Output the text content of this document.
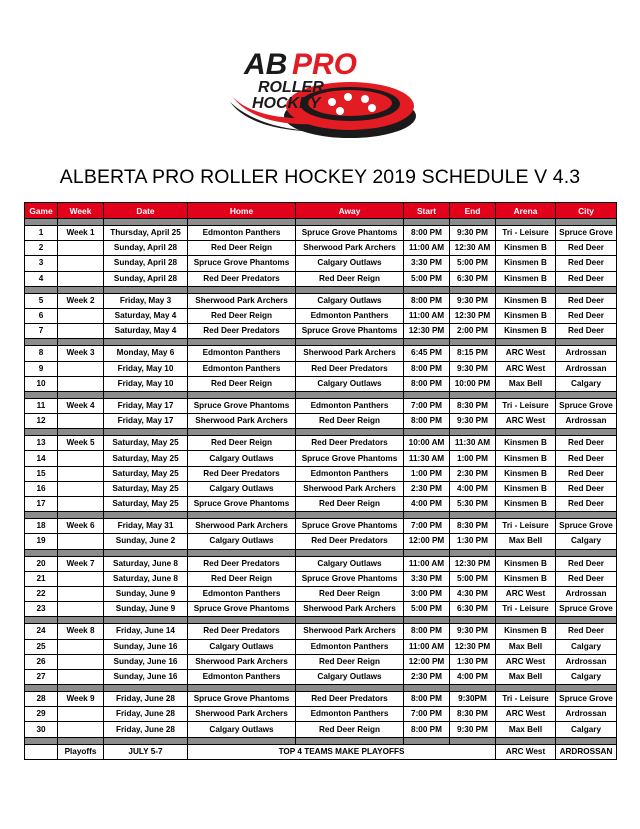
AB PRO
ROLLER
HOCKEY
ALBERTA PRO ROLLER HOCKEY 2019 SCHEDULE V 4.3
Game	Week	Date	Home	Away	Start	End	Arena	City

1	Week 1	Thursday, April 25	Edmonton Panthers	Spruce Grove Phantoms	8:00 PM	9:30 PM	Tri - Leisure	Spruce Grove
2		Sunday, April 28	Red Deer Reign	Sherwood Park Archers	11:00 AM	12:30 AM	Kinsmen B	Red Deer
3		Sunday, April 28	Spruce Grove Phantoms	Calgary Outlaws	3:30 PM	5:00 PM	Kinsmen B	Red Deer
4		Sunday, April 28	Red Deer Predators	Red Deer Reign	5:00 PM	6:30 PM	Kinsmen B	Red Deer

5	Week 2	Friday, May 3	Sherwood Park Archers	Calgary Outlaws	8:00 PM	9:30 PM	Kinsmen B	Red Deer
6		Saturday, May 4	Red Deer Reign	Edmonton Panthers	11:00 AM	12:30 PM	Kinsmen B	Red Deer
7		Saturday, May 4	Red Deer Predators	Spruce Grove Phantoms	12:30 PM	2:00 PM	Kinsmen B	Red Deer

8	Week 3	Monday, May 6	Edmonton Panthers	Sherwood Park Archers	6:45 PM	8:15 PM	ARC West	Ardrossan
9		Friday, May 10	Edmonton Panthers	Red Deer Predators	8:00 PM	9:30 PM	ARC West	Ardrossan
10		Friday, May 10	Red Deer Reign	Calgary Outlaws	8:00 PM	10:00 PM	Max Bell	Calgary

11	Week 4	Friday, May 17	Spruce Grove Phantoms	Edmonton Panthers	7:00 PM	8:30 PM	Tri - Leisure	Spruce Grove
12		Friday, May 17	Sherwood Park Archers	Red Deer Reign	8:00 PM	9:30 PM	ARC West	Ardrossan

13	Week 5	Saturday, May 25	Red Deer Reign	Red Deer Predators	10:00 AM	11:30 AM	Kinsmen B	Red Deer
14		Saturday, May 25	Calgary Outlaws	Spruce Grove Phantoms	11:30 AM	1:00 PM	Kinsmen B	Red Deer
15		Saturday, May 25	Red Deer Predators	Edmonton Panthers	1:00 PM	2:30 PM	Kinsmen B	Red Deer
16		Saturday, May 25	Calgary Outlaws	Sherwood Park Archers	2:30 PM	4:00 PM	Kinsmen B	Red Deer
17		Saturday, May 25	Spruce Grove Phantoms	Red Deer Reign	4:00 PM	5:30 PM	Kinsmen B	Red Deer

18	Week 6	Friday, May 31	Sherwood Park Archers	Spruce Grove Phantoms	7:00 PM	8:30 PM	Tri - Leisure	Spruce Grove
19		Sunday, June 2	Calgary Outlaws	Red Deer Predators	12:00 PM	1:30 PM	Max Bell	Calgary

20	Week 7	Saturday, June 8	Red Deer Predators	Calgary Outlaws	11:00 AM	12:30 PM	Kinsmen B	Red Deer
21		Saturday, June 8	Red Deer Reign	Spruce Grove Phantoms	3:30 PM	5:00 PM	Kinsmen B	Red Deer
22		Sunday, June 9	Edmonton Panthers	Red Deer Reign	3:00 PM	4:30 PM	ARC West	Ardrossan
23		Sunday, June 9	Spruce Grove Phantoms	Sherwood Park Archers	5:00 PM	6:30 PM	Tri - Leisure	Spruce Grove

24	Week 8	Friday, June 14	Red Deer Predators	Sherwood Park Archers	8:00 PM	9:30 PM	Kinsmen B	Red Deer
25		Sunday, June 16	Calgary Outlaws	Edmonton Panthers	11:00 AM	12:30 PM	Max Bell	Calgary
26		Sunday, June 16	Sherwood Park Archers	Red Deer Reign	12:00 PM	1:30 PM	ARC West	Ardrossan
27		Sunday, June 16	Edmonton Panthers	Calgary Outlaws	2:30 PM	4:00 PM	Max Bell	Calgary

28	Week 9	Friday, June 28	Spruce Grove Phantoms	Red Deer Predators	8:00 PM	9:30PM	Tri - Leisure	Spruce Grove
29		Friday, June 28	Sherwood Park Archers	Edmonton Panthers	7:00 PM	8:30 PM	ARC West	Ardrossan
30		Friday, June 28	Calgary Outlaws	Red Deer Reign	8:00 PM	9:30 PM	Max Bell	Calgary

	Playoffs	JULY 5-7	TOP 4 TEAMS MAKE PLAYOFFS				ARC West	ARDROSSAN
